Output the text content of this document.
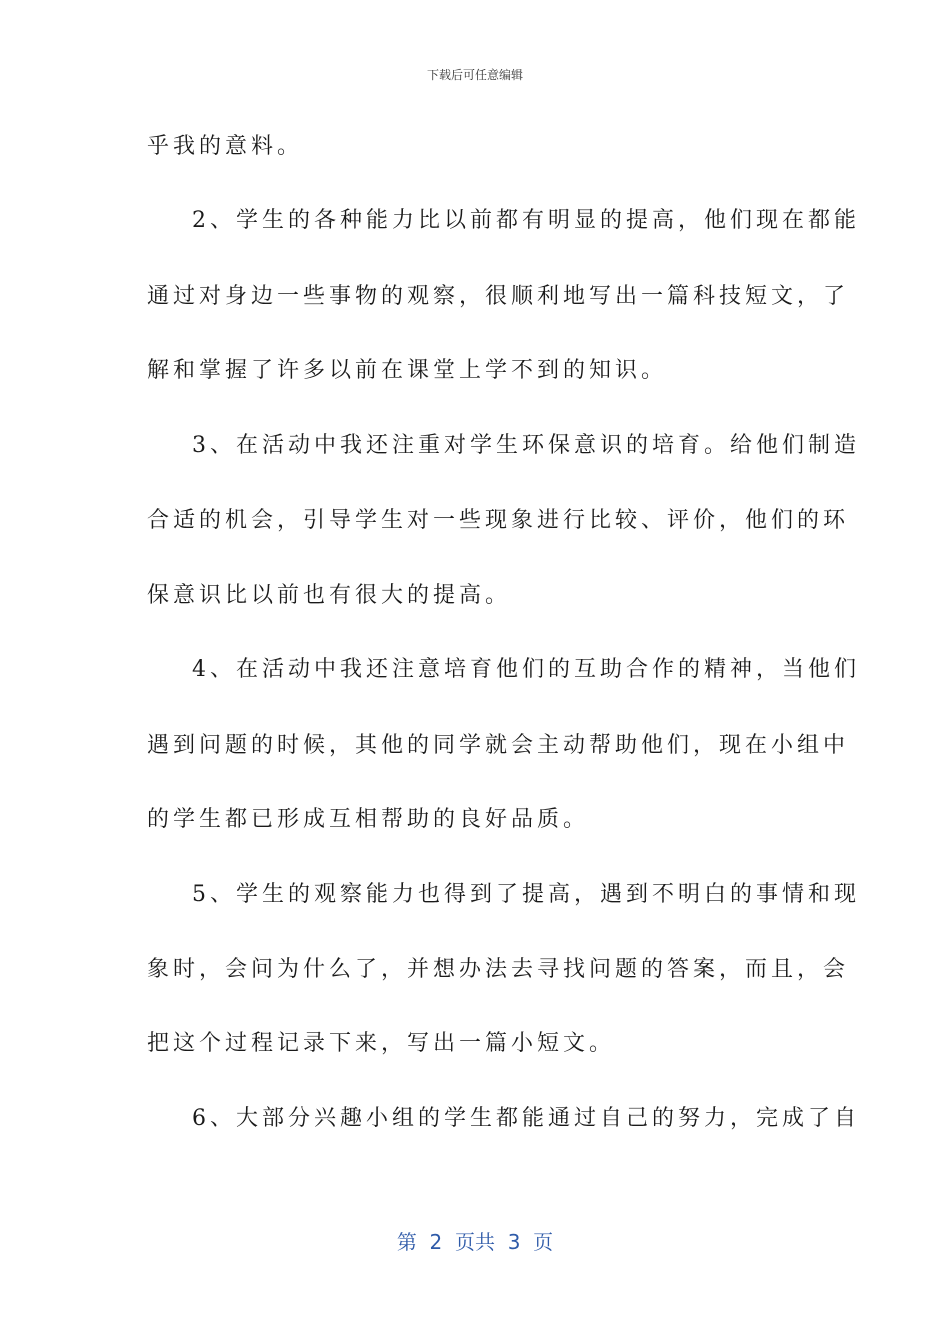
下载后可任意编辑
乎我的意料。
2、学生的各种能力比以前都有明显的提高，他们现在都能
通过对身边一些事物的观察，很顺利地写出一篇科技短文，了
解和掌握了许多以前在课堂上学不到的知识。
3、在活动中我还注重对学生环保意识的培育。给他们制造
合适的机会，引导学生对一些现象进行比较、评价，他们的环
保意识比以前也有很大的提高。
4、在活动中我还注意培育他们的互助合作的精神，当他们
遇到问题的时候，其他的同学就会主动帮助他们，现在小组中
的学生都已形成互相帮助的良好品质。
5、学生的观察能力也得到了提高，遇到不明白的事情和现
象时，会问为什么了，并想办法去寻找问题的答案，而且，会
把这个过程记录下来，写出一篇小短文。
6、大部分兴趣小组的学生都能通过自己的努力，完成了自
第  2  页共  3  页
